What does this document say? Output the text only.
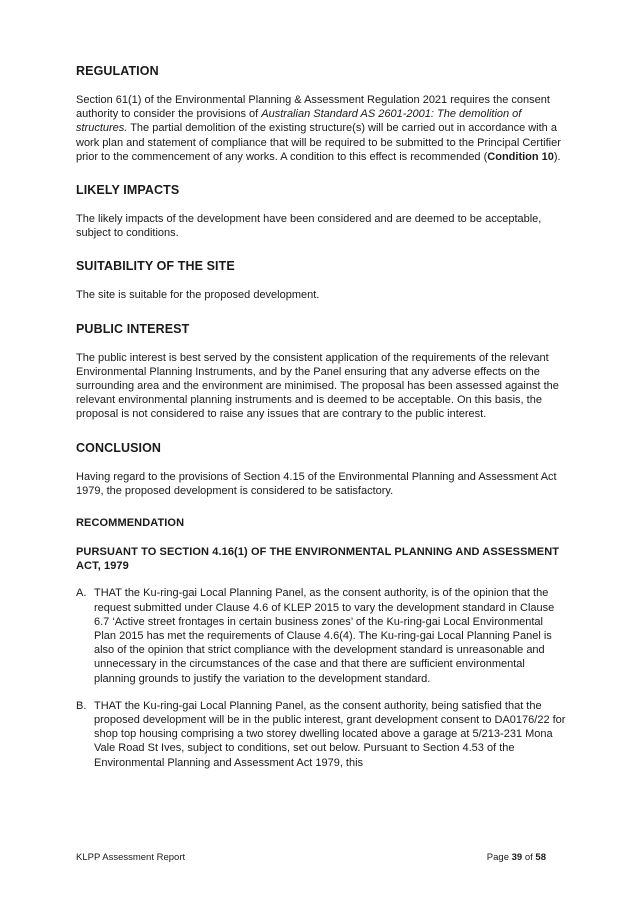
REGULATION

Section 61(1) of the Environmental Planning & Assessment Regulation 2021 requires the consent authority to consider the provisions of Australian Standard AS 2601-2001: The demolition of structures. The partial demolition of the existing structure(s) will be carried out in accordance with a work plan and statement of compliance that will be required to be submitted to the Principal Certifier prior to the commencement of any works. A condition to this effect is recommended (Condition 10).

LIKELY IMPACTS

The likely impacts of the development have been considered and are deemed to be acceptable, subject to conditions.

SUITABILITY OF THE SITE

The site is suitable for the proposed development.

PUBLIC INTEREST

The public interest is best served by the consistent application of the requirements of the relevant Environmental Planning Instruments, and by the Panel ensuring that any adverse effects on the surrounding area and the environment are minimised. The proposal has been assessed against the relevant environmental planning instruments and is deemed to be acceptable. On this basis, the proposal is not considered to raise any issues that are contrary to the public interest.

CONCLUSION

Having regard to the provisions of Section 4.15 of the Environmental Planning and Assessment Act 1979, the proposed development is considered to be satisfactory.

RECOMMENDATION

PURSUANT TO SECTION 4.16(1) OF THE ENVIRONMENTAL PLANNING AND ASSESSMENT ACT, 1979

A. THAT the Ku-ring-gai Local Planning Panel, as the consent authority, is of the opinion that the request submitted under Clause 4.6 of KLEP 2015 to vary the development standard in Clause 6.7 ‘Active street frontages in certain business zones’ of the Ku-ring-gai Local Environmental Plan 2015 has met the requirements of Clause 4.6(4). The Ku-ring-gai Local Planning Panel is also of the opinion that strict compliance with the development standard is unreasonable and unnecessary in the circumstances of the case and that there are sufficient environmental planning grounds to justify the variation to the development standard.
B. THAT the Ku-ring-gai Local Planning Panel, as the consent authority, being satisfied that the proposed development will be in the public interest, grant development consent to DA0176/22 for shop top housing comprising a two storey dwelling located above a garage at 5/213-231 Mona Vale Road St Ives, subject to conditions, set out below. Pursuant to Section 4.53 of the Environmental Planning and Assessment Act 1979, this
KLPP Assessment Report	Page 39 of 58
